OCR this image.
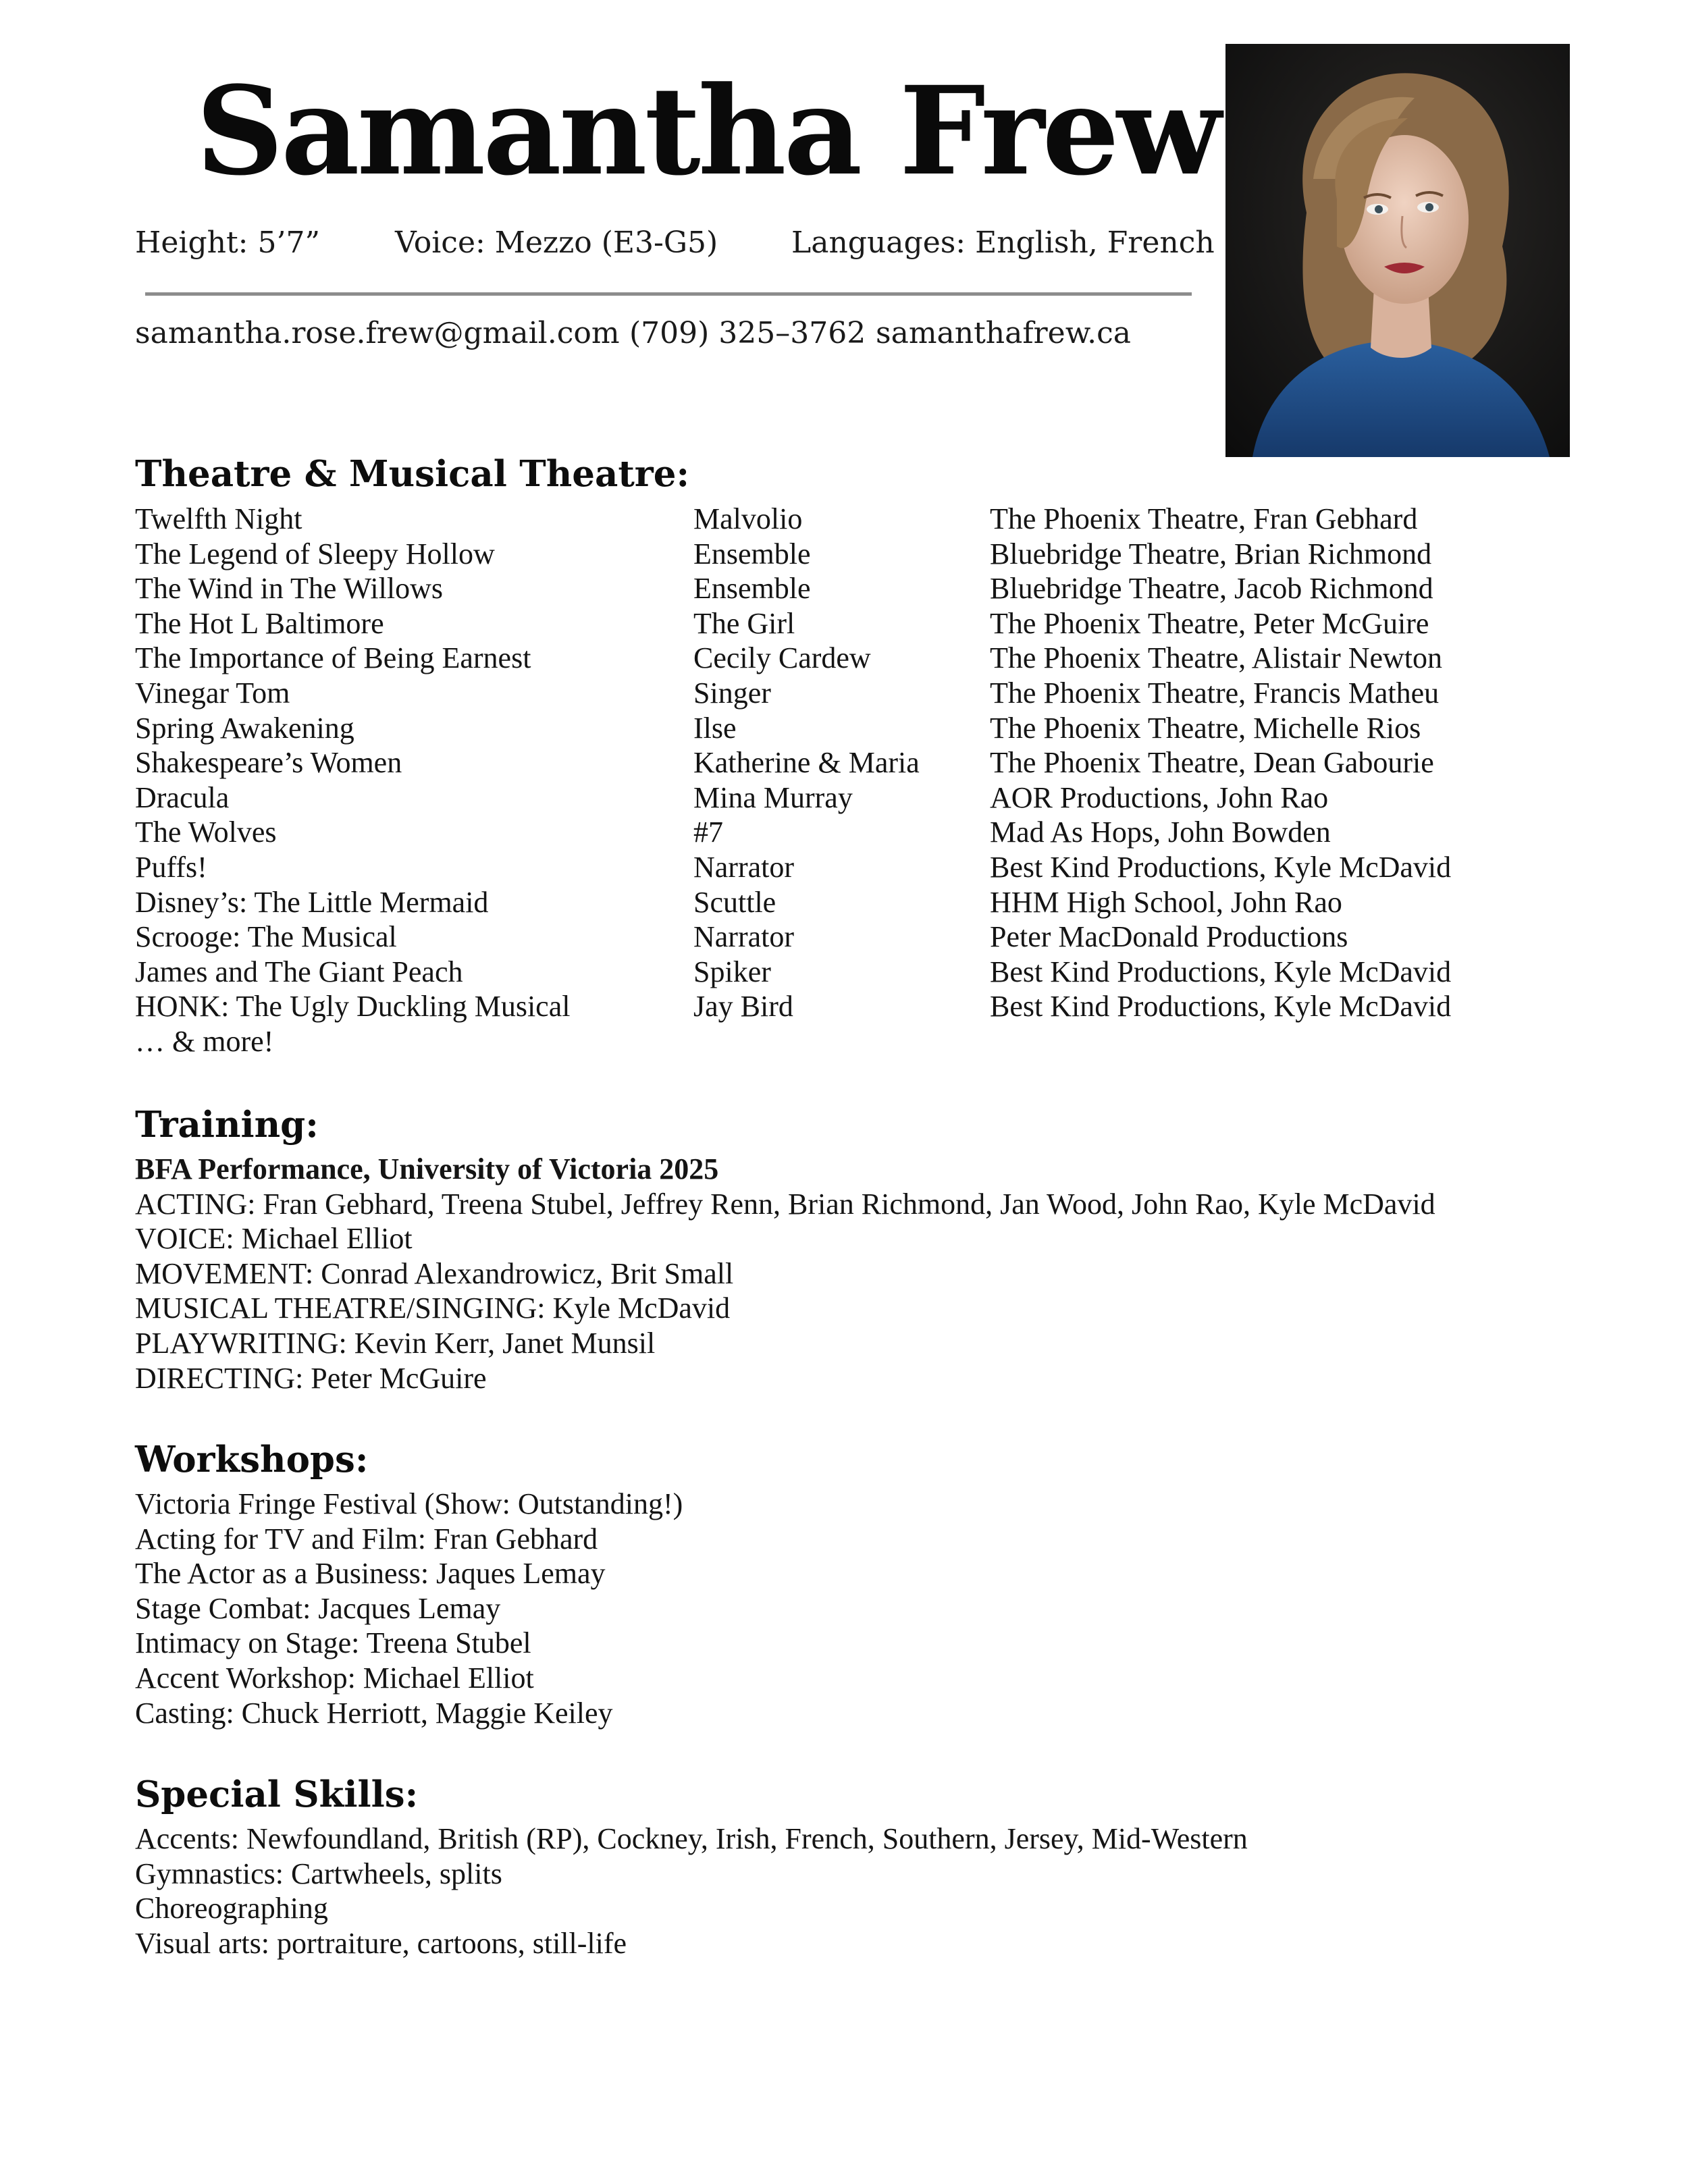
Samantha Frew
Height: 5’7”	Voice: Mezzo (E3-G5) Languages: English, French
samantha.rose.frew@gmail.com (709) 325–3762 samanthafrew.ca
Theatre & Musical Theatre:
Twelfth Night	Malvolio	The Phoenix Theatre, Fran Gebhard
The Legend of Sleepy Hollow	Ensemble	Bluebridge Theatre, Brian Richmond
The Wind in The Willows	Ensemble	Bluebridge Theatre, Jacob Richmond
The Hot L Baltimore	The Girl	The Phoenix Theatre, Peter McGuire
The Importance of Being Earnest	Cecily Cardew	The Phoenix Theatre, Alistair Newton
Vinegar Tom	Singer	The Phoenix Theatre, Francis Matheu
Spring Awakening	Ilse	The Phoenix Theatre, Michelle Rios
Shakespeare’s Women	Katherine & Maria The Phoenix Theatre, Dean Gabourie
Dracula	Mina Murray	AOR Productions, John Rao
The Wolves	#7	Mad As Hops, John Bowden
Puffs!	Narrator	Best Kind Productions, Kyle McDavid
Disney’s: The Little Mermaid	Scuttle	HHM High School, John Rao
Scrooge: The Musical	Narrator	Peter MacDonald Productions
James and The Giant Peach	Spiker	Best Kind Productions, Kyle McDavid
HONK: The Ugly Duckling Musical	Jay Bird	Best Kind Productions, Kyle McDavid
… & more!
Training:
BFA Performance, University of Victoria 2025
ACTING: Fran Gebhard, Treena Stubel, Jeffrey Renn, Brian Richmond, Jan Wood, John Rao, Kyle McDavid
VOICE: Michael Elliot
MOVEMENT: Conrad Alexandrowicz, Brit Small
MUSICAL THEATRE/SINGING: Kyle McDavid
PLAYWRITING: Kevin Kerr, Janet Munsil
DIRECTING: Peter McGuire
Workshops:
Victoria Fringe Festival (Show: Outstanding!)
Acting for TV and Film: Fran Gebhard
The Actor as a Business: Jaques Lemay
Stage Combat: Jacques Lemay
Intimacy on Stage: Treena Stubel
Accent Workshop: Michael Elliot
Casting: Chuck Herriott, Maggie Keiley
Special Skills:
Accents: Newfoundland, British (RP), Cockney, Irish, French, Southern, Jersey, Mid-Western
Gymnastics: Cartwheels, splits
Choreographing
Visual arts: portraiture, cartoons, still-life
